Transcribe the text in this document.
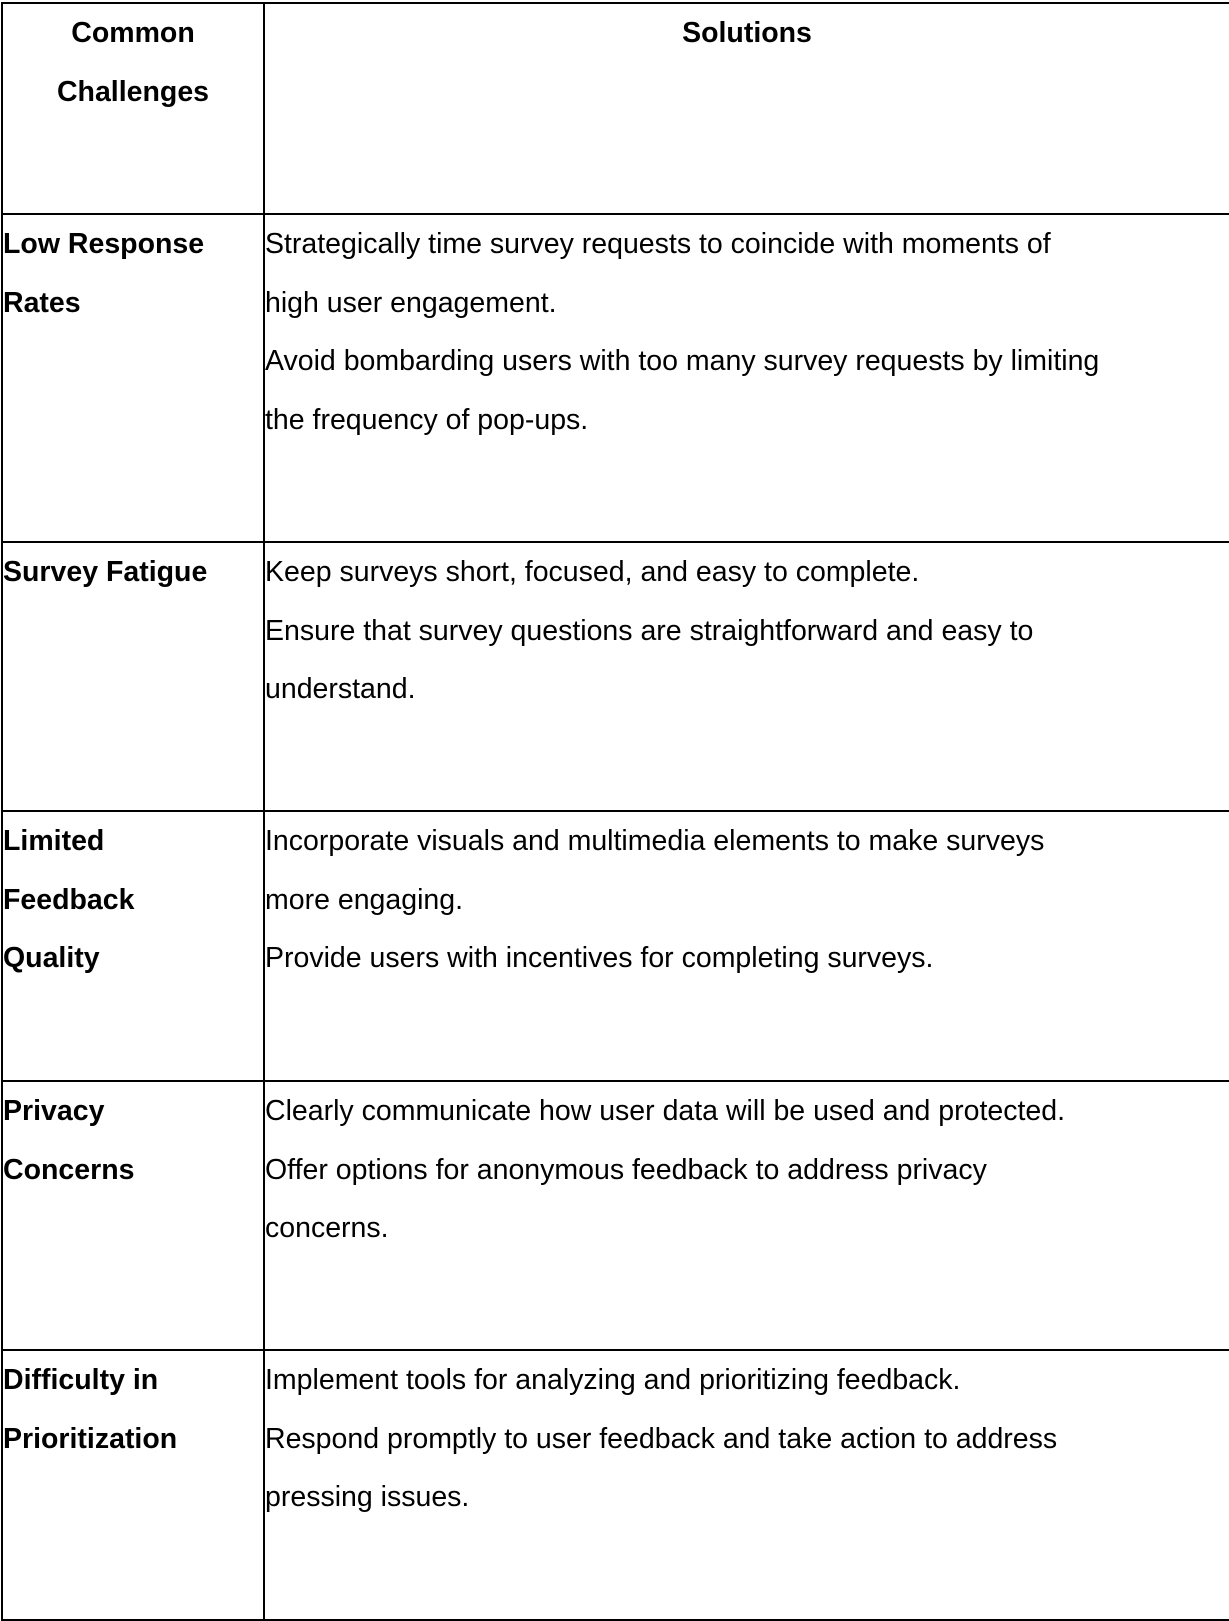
Common
Challenges	Solutions

Low Response
Rates	Strategically time survey requests to coincide with moments of
high user engagement.
Avoid bombarding users with too many survey requests by limiting
the frequency of pop-ups.

Survey Fatigue	Keep surveys short, focused, and easy to complete.
Ensure that survey questions are straightforward and easy to
understand.

Limited
Feedback
Quality	Incorporate visuals and multimedia elements to make surveys
more engaging.
Provide users with incentives for completing surveys.

Privacy
Concerns	Clearly communicate how user data will be used and protected.
Offer options for anonymous feedback to address privacy
concerns.

Difficulty in
Prioritization	Implement tools for analyzing and prioritizing feedback.
Respond promptly to user feedback and take action to address
pressing issues.
